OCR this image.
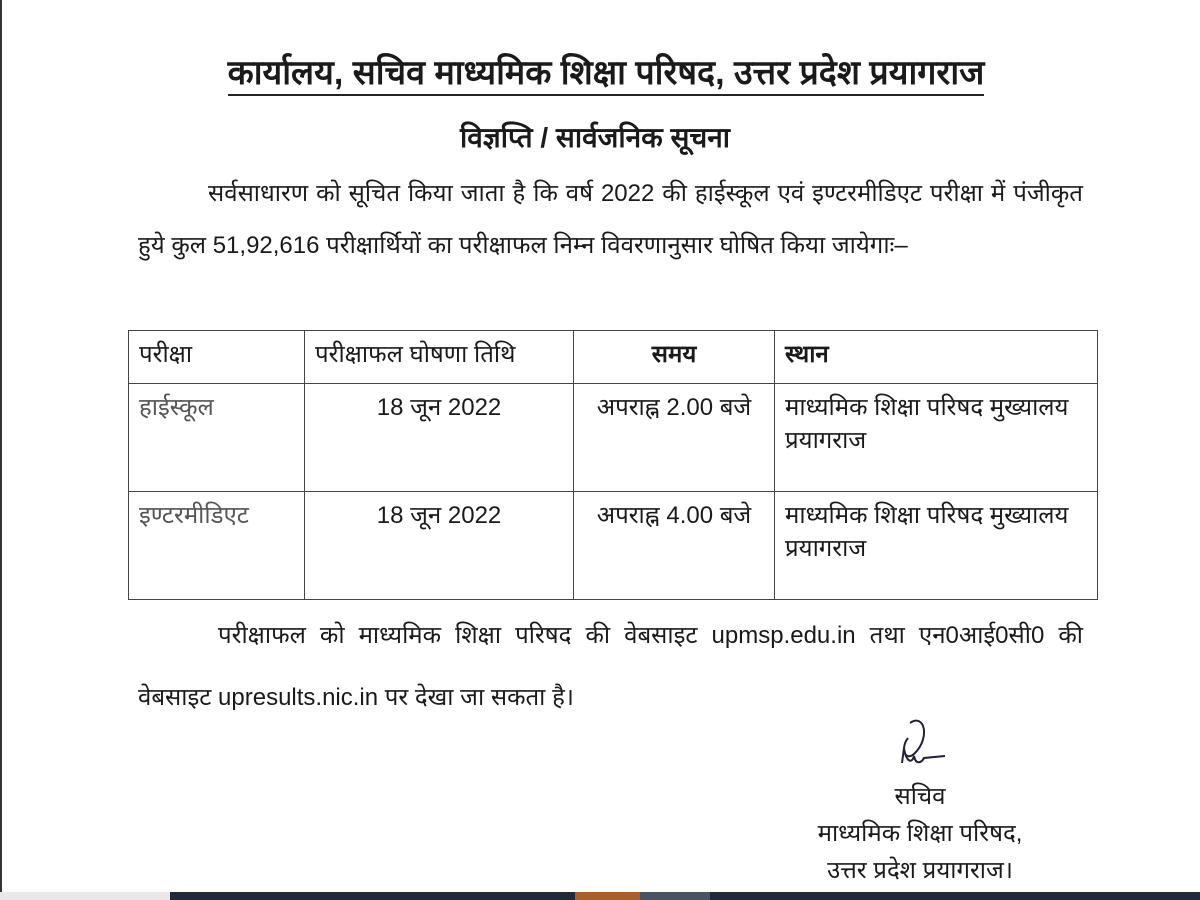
कार्यालय, सचिव माध्यमिक शिक्षा परिषद, उत्तर प्रदेश प्रयागराज
विज्ञप्ति / सार्वजनिक सूचना
सर्वसाधारण को सूचित किया जाता है कि वर्ष 2022 की हाईस्कूल एवं इण्टरमीडिएट परीक्षा में पंजीकृत हुये कुल 51,92,616 परीक्षार्थियों का परीक्षाफल निम्न विवरणानुसार घोषित किया जायेगाः–
परीक्षा	परीक्षाफल घोषणा तिथि	समय	स्थान
हाईस्कूल	18 जून 2022	अपराह्न 2.00 बजे	माध्यमिक शिक्षा परिषद मुख्यालय प्रयागराज
इण्टरमीडिएट	18 जून 2022	अपराह्न 4.00 बजे	माध्यमिक शिक्षा परिषद मुख्यालय प्रयागराज
परीक्षाफल को माध्यमिक शिक्षा परिषद की वेबसाइट upmsp.edu.in तथा एन0आई0सी0 की वेबसाइट upresults.nic.in पर देखा जा सकता है।
सचिव
माध्यमिक शिक्षा परिषद,
उत्तर प्रदेश प्रयागराज।
